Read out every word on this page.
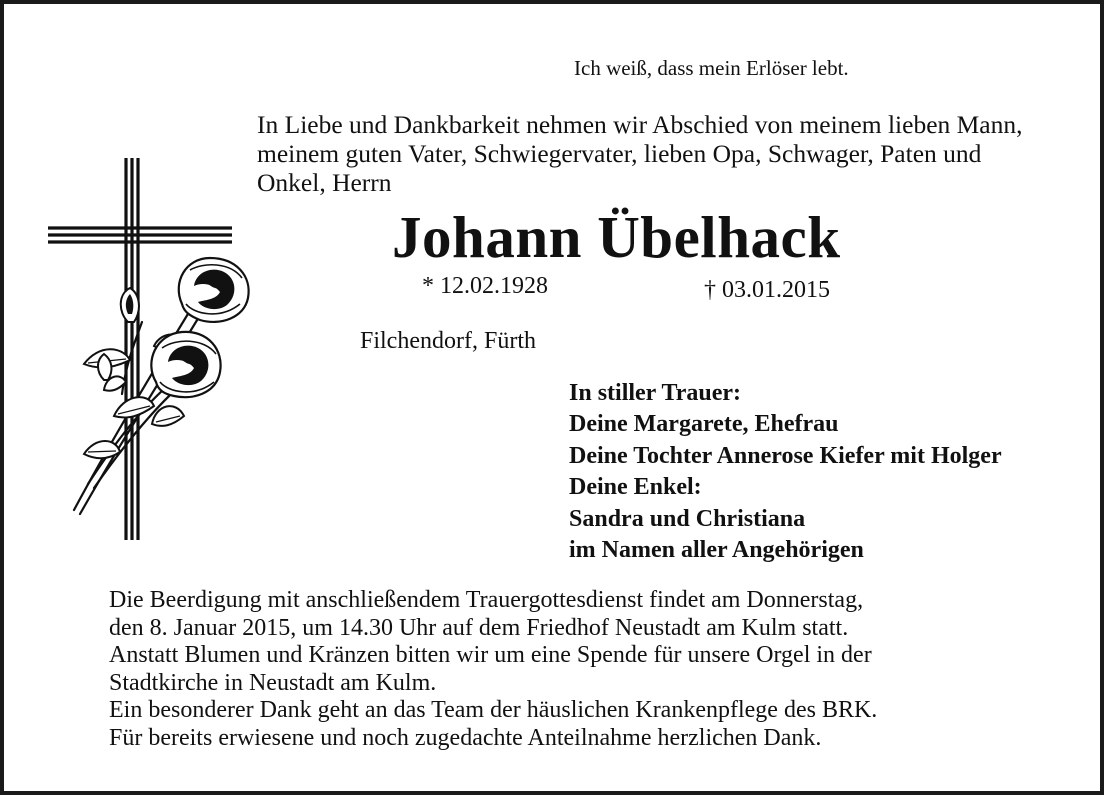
Ich weiß, dass mein Erlöser lebt.

In Liebe und Dankbarkeit nehmen wir Abschied von meinem lieben Mann,
meinem guten Vater, Schwiegervater, lieben Opa, Schwager, Paten und
Onkel, Herrn

Johann Übelhack

* 12.02.1928	† 03.01.2015

Filchendorf, Fürth

In stiller Trauer:
Deine Margarete, Ehefrau
Deine Tochter Annerose Kiefer mit Holger
Deine Enkel:
Sandra und Christiana
im Namen aller Angehörigen

Die Beerdigung mit anschließendem Trauergottesdienst findet am Donnerstag,
den 8. Januar 2015, um 14.30 Uhr auf dem Friedhof Neustadt am Kulm statt.
Anstatt Blumen und Kränzen bitten wir um eine Spende für unsere Orgel in der
Stadtkirche in Neustadt am Kulm.
Ein besonderer Dank geht an das Team der häuslichen Krankenpflege des BRK.
Für bereits erwiesene und noch zugedachte Anteilnahme herzlichen Dank.
